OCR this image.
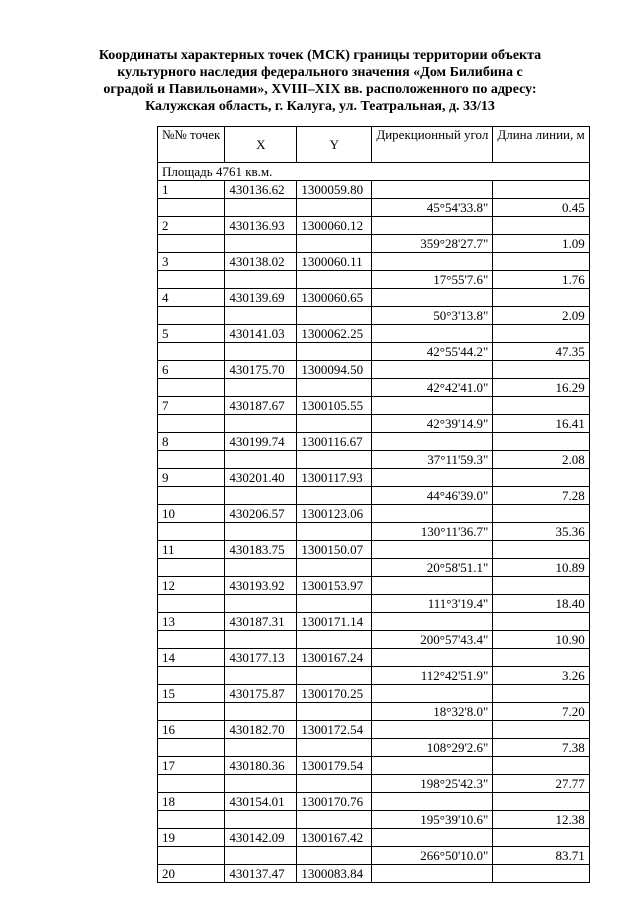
Координаты характерных точек (МСК) границы территории объекта
культурного наследия федерального значения «Дом Билибина с
оградой и Павильонами», XVIII–XIX вв. расположенного по адресу:
Калужская область, г. Калуга, ул. Театральная, д. 33/13
№№ точек	X	Y	Дирекционный угол	Длина линии, м
Площадь 4761 кв.м.				
1	430136.62	1300059.80		
			45°54'33.8"	0.45
2	430136.93	1300060.12		
			359°28'27.7"	1.09
3	430138.02	1300060.11		
			17°55'7.6"	1.76
4	430139.69	1300060.65		
			50°3'13.8"	2.09
5	430141.03	1300062.25		
			42°55'44.2"	47.35
6	430175.70	1300094.50		
			42°42'41.0"	16.29
7	430187.67	1300105.55		
			42°39'14.9"	16.41
8	430199.74	1300116.67		
			37°11'59.3"	2.08
9	430201.40	1300117.93		
			44°46'39.0"	7.28
10	430206.57	1300123.06		
			130°11'36.7"	35.36
11	430183.75	1300150.07		
			20°58'51.1"	10.89
12	430193.92	1300153.97		
			111°3'19.4"	18.40
13	430187.31	1300171.14		
			200°57'43.4"	10.90
14	430177.13	1300167.24		
			112°42'51.9"	3.26
15	430175.87	1300170.25		
			18°32'8.0"	7.20
16	430182.70	1300172.54		
			108°29'2.6"	7.38
17	430180.36	1300179.54		
			198°25'42.3"	27.77
18	430154.01	1300170.76		
			195°39'10.6"	12.38
19	430142.09	1300167.42		
			266°50'10.0"	83.71
20	430137.47	1300083.84		
